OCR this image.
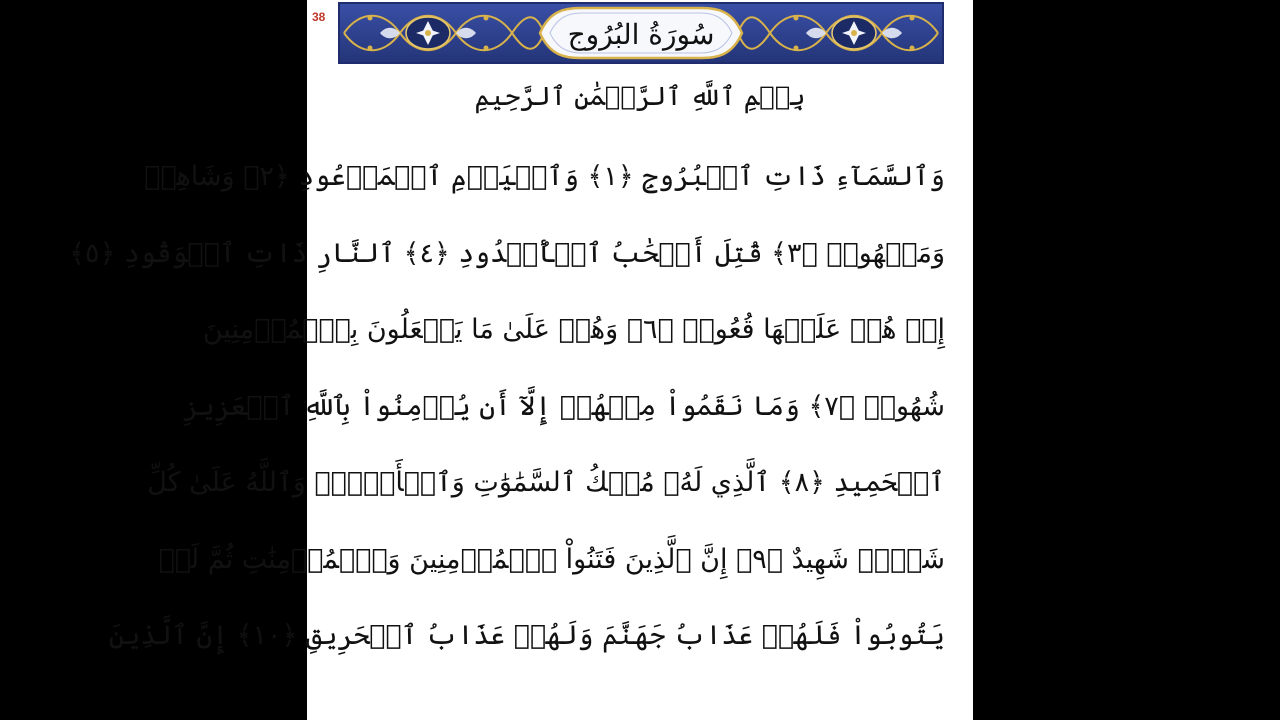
38
سُورَةُ البُرُوج
بِسۡمِ ٱللَّهِ ٱلرَّحۡمَٰنِ ٱلرَّحِيمِ
وَٱلسَّمَآءِ ذَاتِ ٱلۡبُرُوجِ ﴿١﴾ وَٱلۡيَوۡمِ ٱلۡمَوۡعُودِ ﴿٢﴾ وَشَاهِدٖ
وَمَشۡهُودٖ ﴿٣﴾ قُتِلَ أَصۡحَٰبُ ٱلۡأُخۡدُودِ ﴿٤﴾ ٱلنَّارِ ذَاتِ ٱلۡوَقُودِ ﴿٥﴾
إِذۡ هُمۡ عَلَيۡهَا قُعُودٞ ﴿٦﴾ وَهُمۡ عَلَىٰ مَا يَفۡعَلُونَ بِٱلۡمُؤۡمِنِينَ
شُهُودٞ ﴿٧﴾ وَمَا نَقَمُواْ مِنۡهُمۡ إِلَّآ أَن يُؤۡمِنُواْ بِٱللَّهِ ٱلۡعَزِيزِ
ٱلۡحَمِيدِ ﴿٨﴾ ٱلَّذِي لَهُۥ مُلۡكُ ٱلسَّمَٰوَٰتِ وَٱلۡأَرۡضِۚ وَٱللَّهُ عَلَىٰ كُلِّ
شَيۡءٖ شَهِيدٌ ﴿٩﴾ إِنَّ ٱلَّذِينَ فَتَنُواْ ٱلۡمُؤۡمِنِينَ وَٱلۡمُؤۡمِنَٰتِ ثُمَّ لَمۡ
يَتُوبُواْ فَلَهُمۡ عَذَابُ جَهَنَّمَ وَلَهُمۡ عَذَابُ ٱلۡحَرِيقِ ﴿١٠﴾ إِنَّ ٱلَّذِينَ
